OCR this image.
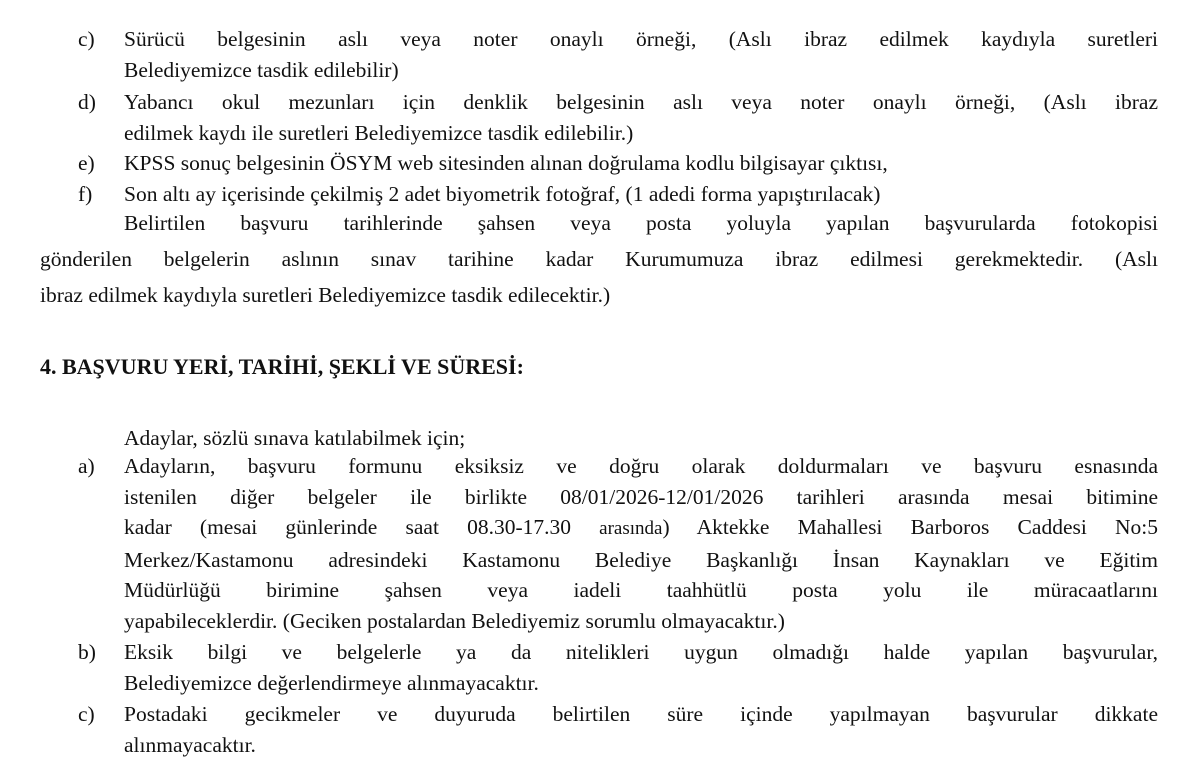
c)	Sürücü belgesinin aslı veya noter onaylı örneği, (Aslı ibraz edilmek kaydıyla suretleri
Belediyemizce tasdik edilebilir)
d)	Yabancı okul mezunları için denklik belgesinin aslı veya noter onaylı örneği, (Aslı ibraz
edilmek kaydı ile suretleri Belediyemizce tasdik edilebilir.)
e)	KPSS sonuç belgesinin ÖSYM web sitesinden alınan doğrulama kodlu bilgisayar çıktısı,
f)	Son altı ay içerisinde çekilmiş 2 adet biyometrik fotoğraf, (1 adedi forma yapıştırılacak)
Belirtilen başvuru tarihlerinde şahsen veya posta yoluyla yapılan başvurularda fotokopisi
gönderilen belgelerin aslının sınav tarihine kadar Kurumumuza ibraz edilmesi gerekmektedir. (Aslı
ibraz edilmek kaydıyla suretleri Belediyemizce tasdik edilecektir.)
4. BAŞVURU YERİ, TARİHİ, ŞEKLİ VE SÜRESİ:
Adaylar, sözlü sınava katılabilmek için;
a)	Adayların, başvuru formunu eksiksiz ve doğru olarak doldurmaları ve başvuru esnasında
istenilen diğer belgeler ile birlikte 08/01/2026-12/01/2026 tarihleri arasında mesai bitimine
kadar (mesai günlerinde saat 08.30-17.30 arasında) Aktekke Mahallesi Barboros Caddesi No:5
Merkez/Kastamonu adresindeki Kastamonu Belediye Başkanlığı İnsan Kaynakları ve Eğitim
Müdürlüğü birimine şahsen veya iadeli taahhütlü posta yolu ile müracaatlarını
yapabileceklerdir. (Geciken postalardan Belediyemiz sorumlu olmayacaktır.)
b)	Eksik bilgi ve belgelerle ya da nitelikleri uygun olmadığı halde yapılan başvurular,
Belediyemizce değerlendirmeye alınmayacaktır.
c)	Postadaki gecikmeler ve duyuruda belirtilen süre içinde yapılmayan başvurular dikkate
alınmayacaktır.
